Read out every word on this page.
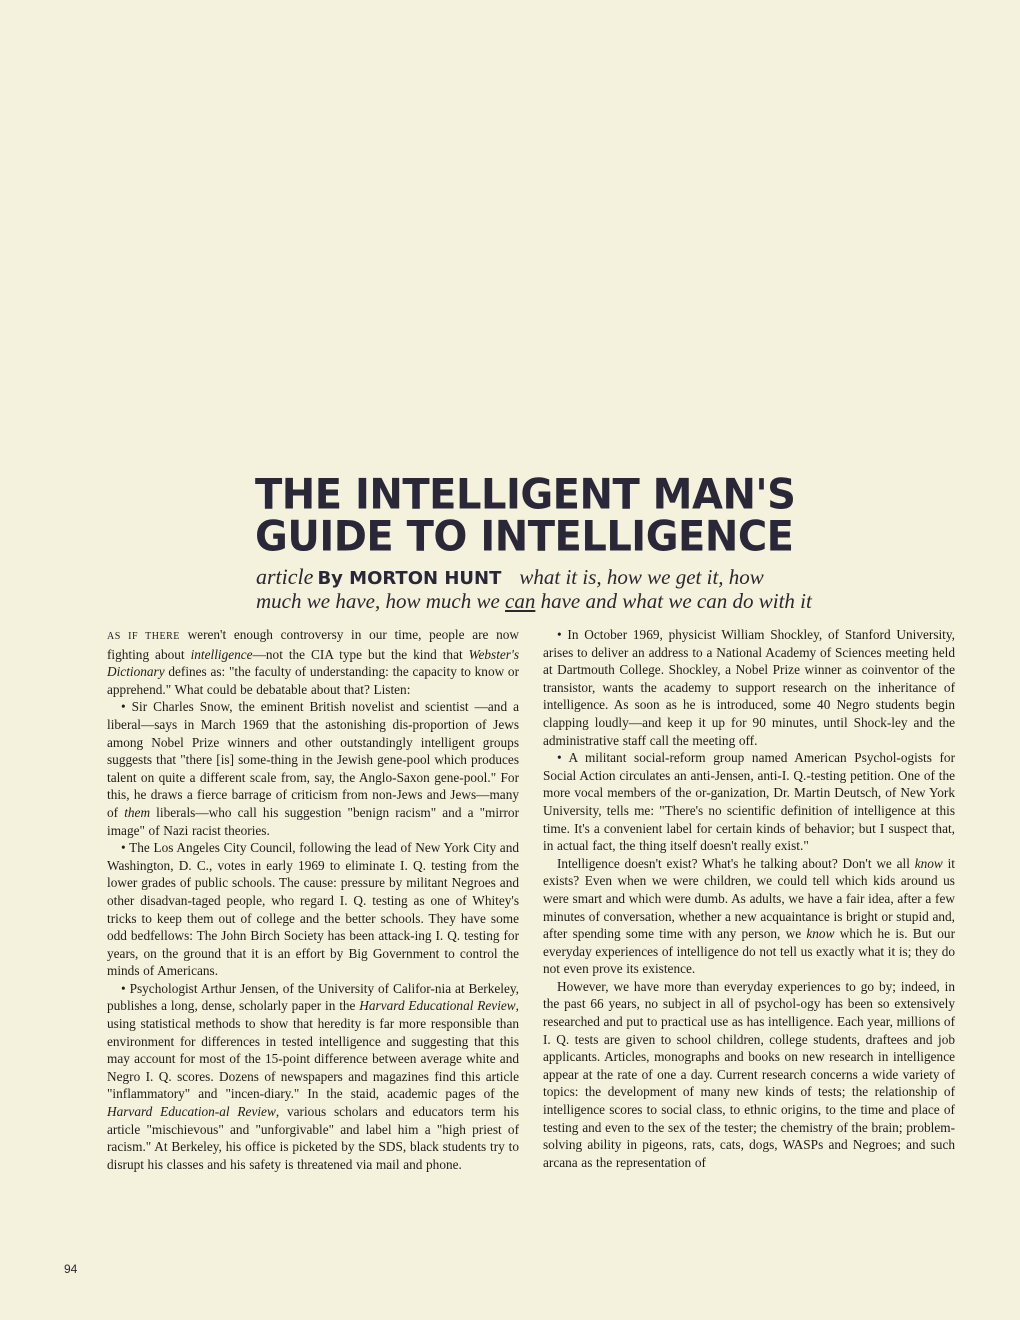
THE INTELLIGENT MAN'S
GUIDE TO INTELLIGENCE
article By MORTON HUNT what it is, how we get it, how
much we have, how much we can have and what we can do with it

AS IF THERE weren't enough controversy in our time, people are now fighting about intelligence—not the CIA type but the kind that Webster's Dictionary defines as: "the faculty of understanding: the capacity to know or apprehend." What could be debatable about that? Listen:

• Sir Charles Snow, the eminent British novelist and scientist —and a liberal—says in March 1969 that the astonishing dis-proportion of Jews among Nobel Prize winners and other outstandingly intelligent groups suggests that "there [is] some-thing in the Jewish gene-pool which produces talent on quite a different scale from, say, the Anglo-Saxon gene-pool." For this, he draws a fierce barrage of criticism from non-Jews and Jews—many of them liberals—who call his suggestion "benign racism" and a "mirror image" of Nazi racist theories.

• The Los Angeles City Council, following the lead of New York City and Washington, D. C., votes in early 1969 to eliminate I. Q. testing from the lower grades of public schools. The cause: pressure by militant Negroes and other disadvan-taged people, who regard I. Q. testing as one of Whitey's tricks to keep them out of college and the better schools. They have some odd bedfellows: The John Birch Society has been attack-ing I. Q. testing for years, on the ground that it is an effort by Big Government to control the minds of Americans.

• Psychologist Arthur Jensen, of the University of Califor-nia at Berkeley, publishes a long, dense, scholarly paper in the Harvard Educational Review, using statistical methods to show that heredity is far more responsible than environment for differences in tested intelligence and suggesting that this may account for most of the 15-point difference between average white and Negro I. Q. scores. Dozens of newspapers and magazines find this article "inflammatory" and "incen-diary." In the staid, academic pages of the Harvard Education-al Review, various scholars and educators term his article "mischievous" and "unforgivable" and label him a "high priest of racism." At Berkeley, his office is picketed by the SDS, black students try to disrupt his classes and his safety is threatened via mail and phone.

• In October 1969, physicist William Shockley, of Stanford University, arises to deliver an address to a National Academy of Sciences meeting held at Dartmouth College. Shockley, a Nobel Prize winner as coinventor of the transistor, wants the academy to support research on the inheritance of intelligence. As soon as he is introduced, some 40 Negro students begin clapping loudly—and keep it up for 90 minutes, until Shock-ley and the administrative staff call the meeting off.

• A militant social-reform group named American Psychol-ogists for Social Action circulates an anti-Jensen, anti-I. Q.-testing petition. One of the more vocal members of the or-ganization, Dr. Martin Deutsch, of New York University, tells me: "There's no scientific definition of intelligence at this time. It's a convenient label for certain kinds of behavior; but I suspect that, in actual fact, the thing itself doesn't really exist."

Intelligence doesn't exist? What's he talking about? Don't we all know it exists? Even when we were children, we could tell which kids around us were smart and which were dumb. As adults, we have a fair idea, after a few minutes of conversation, whether a new acquaintance is bright or stupid and, after spending some time with any person, we know which he is. But our everyday experiences of intelligence do not tell us exactly what it is; they do not even prove its existence.

However, we have more than everyday experiences to go by; indeed, in the past 66 years, no subject in all of psychol-ogy has been so extensively researched and put to practical use as has intelligence. Each year, millions of I. Q. tests are given to school children, college students, draftees and job applicants. Articles, monographs and books on new research in intelligence appear at the rate of one a day. Current research concerns a wide variety of topics: the development of many new kinds of tests; the relationship of intelligence scores to social class, to ethnic origins, to the time and place of testing and even to the sex of the tester; the chemistry of the brain; problem-solving ability in pigeons, rats, cats, dogs, WASPs and Negroes; and such arcana as the representation of

94
